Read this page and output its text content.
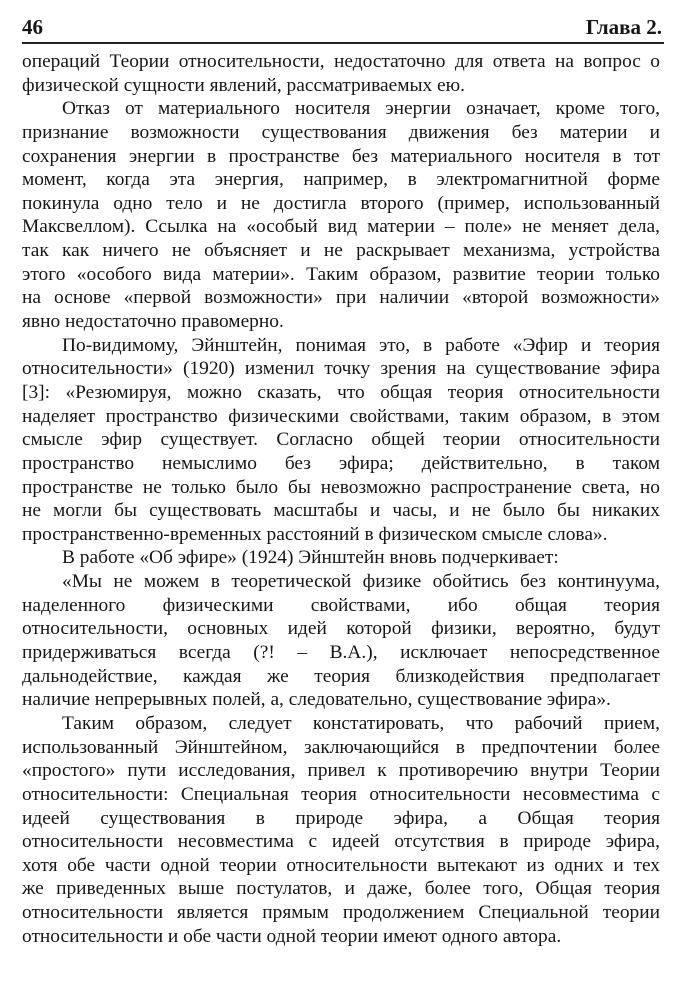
46	Глава 2.
операций Теории относительности, недостаточно для ответа на вопрос о
физической сущности явлений, рассматриваемых ею.
Отказ от материального носителя энергии означает, кроме того,
признание возможности существования движения без материи и
сохранения энергии в пространстве без материального носителя в тот
момент, когда эта энергия, например, в электромагнитной форме
покинула одно тело и не достигла второго (пример, использованный
Максвеллом). Ссылка на «особый вид материи – поле» не меняет дела,
так как ничего не объясняет и не раскрывает механизма, устройства
этого «особого вида материи». Таким образом, развитие теории только
на основе «первой возможности» при наличии «второй возможности»
явно недостаточно правомерно.
По-видимому, Эйнштейн, понимая это, в работе «Эфир и теория
относительности» (1920) изменил точку зрения на существование эфира
[3]: «Резюмируя, можно сказать, что общая теория относительности
наделяет пространство физическими свойствами, таким образом, в этом
смысле эфир существует. Согласно общей теории относительности
пространство немыслимо без эфира; действительно, в таком
пространстве не только было бы невозможно распространение света, но
не могли бы существовать масштабы и часы, и не было бы никаких
пространственно-временных расстояний в физическом смысле слова».
В работе «Об эфире» (1924) Эйнштейн вновь подчеркивает:
«Мы не можем в теоретической физике обойтись без континуума,
наделенного физическими свойствами, ибо общая теория
относительности, основных идей которой физики, вероятно, будут
придерживаться всегда (?! – В.А.), исключает непосредственное
дальнодействие, каждая же теория близкодействия предполагает
наличие непрерывных полей, а, следовательно, существование эфира».
Таким образом, следует констатировать, что рабочий прием,
использованный Эйнштейном, заключающийся в предпочтении более
«простого» пути исследования, привел к противоречию внутри Теории
относительности: Специальная теория относительности несовместима с
идеей существования в природе эфира, а Общая теория
относительности несовместима с идеей отсутствия в природе эфира,
хотя обе части одной теории относительности вытекают из одних и тех
же приведенных выше постулатов, и даже, более того, Общая теория
относительности является прямым продолжением Специальной теории
относительности и обе части одной теории имеют одного автора.
